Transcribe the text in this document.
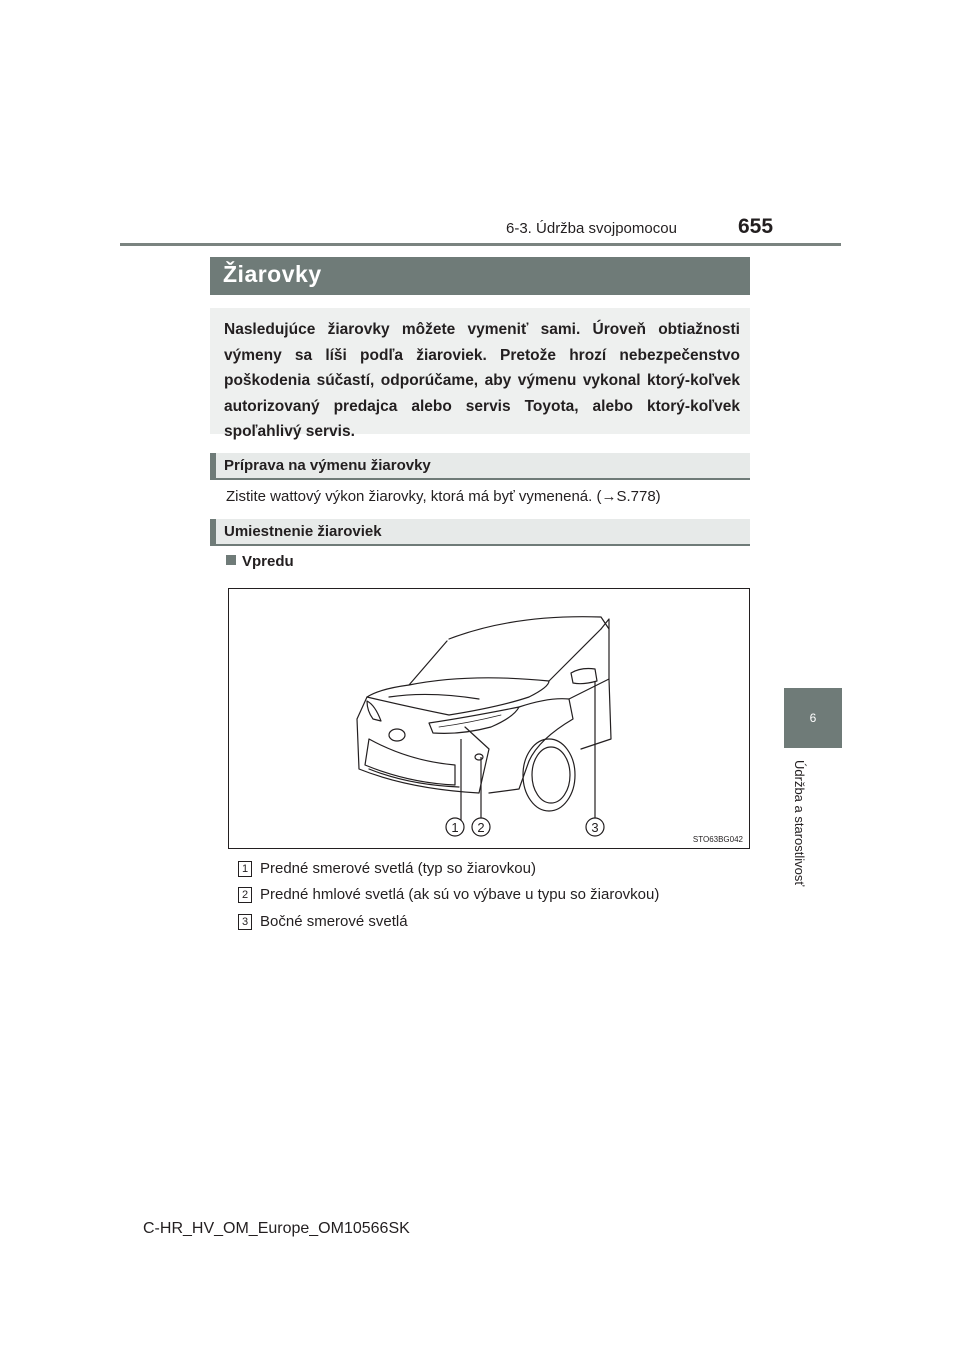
6-3. Údržba svojpomocou	655
6
Údržba a starostlivosť
Žiarovky
Nasledujúce žiarovky môžete vymeniť sami. Úroveň obtiažnosti výmeny sa líši podľa žiaroviek. Pretože hrozí nebezpečenstvo poškodenia súčastí, odporúčame, aby výmenu vykonal ktorý-koľvek autorizovaný predajca alebo servis Toyota, alebo ktorý-koľvek spoľahlivý servis.
Príprava na výmenu žiarovky
Zistite wattový výkon žiarovky, ktorá má byť vymenená. (→S.778)
Umiestnenie žiaroviek
Vpredu
1 2	3
STO63BG042
1 Predné smerové svetlá (typ so žiarovkou)
2 Predné hmlové svetlá (ak sú vo výbave u typu so žiarovkou)
3 Bočné smerové svetlá
C-HR_HV_OM_Europe_OM10566SK
